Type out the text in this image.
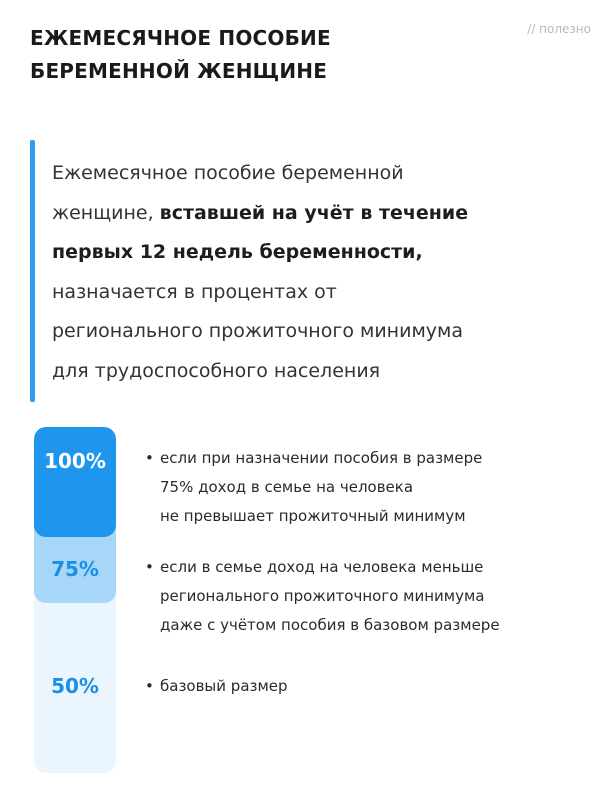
ЕЖЕМЕСЯЧНОЕ ПОСОБИЕ
БЕРЕМЕННОЙ ЖЕНЩИНЕ
// полезно
Ежемесячное пособие беременной
женщине, вставшей на учёт в течение
первых 12 недель беременности,
назначается в процентах от
регионального прожиточного минимума
для трудоспособного населения
100%
75%
50%
• если при назначении пособия в размере
75% доход в семье на человека
не превышает прожиточный минимум
• если в семье доход на человека меньше
регионального прожиточного минимума
даже с учётом пособия в базовом размере
• базовый размер
